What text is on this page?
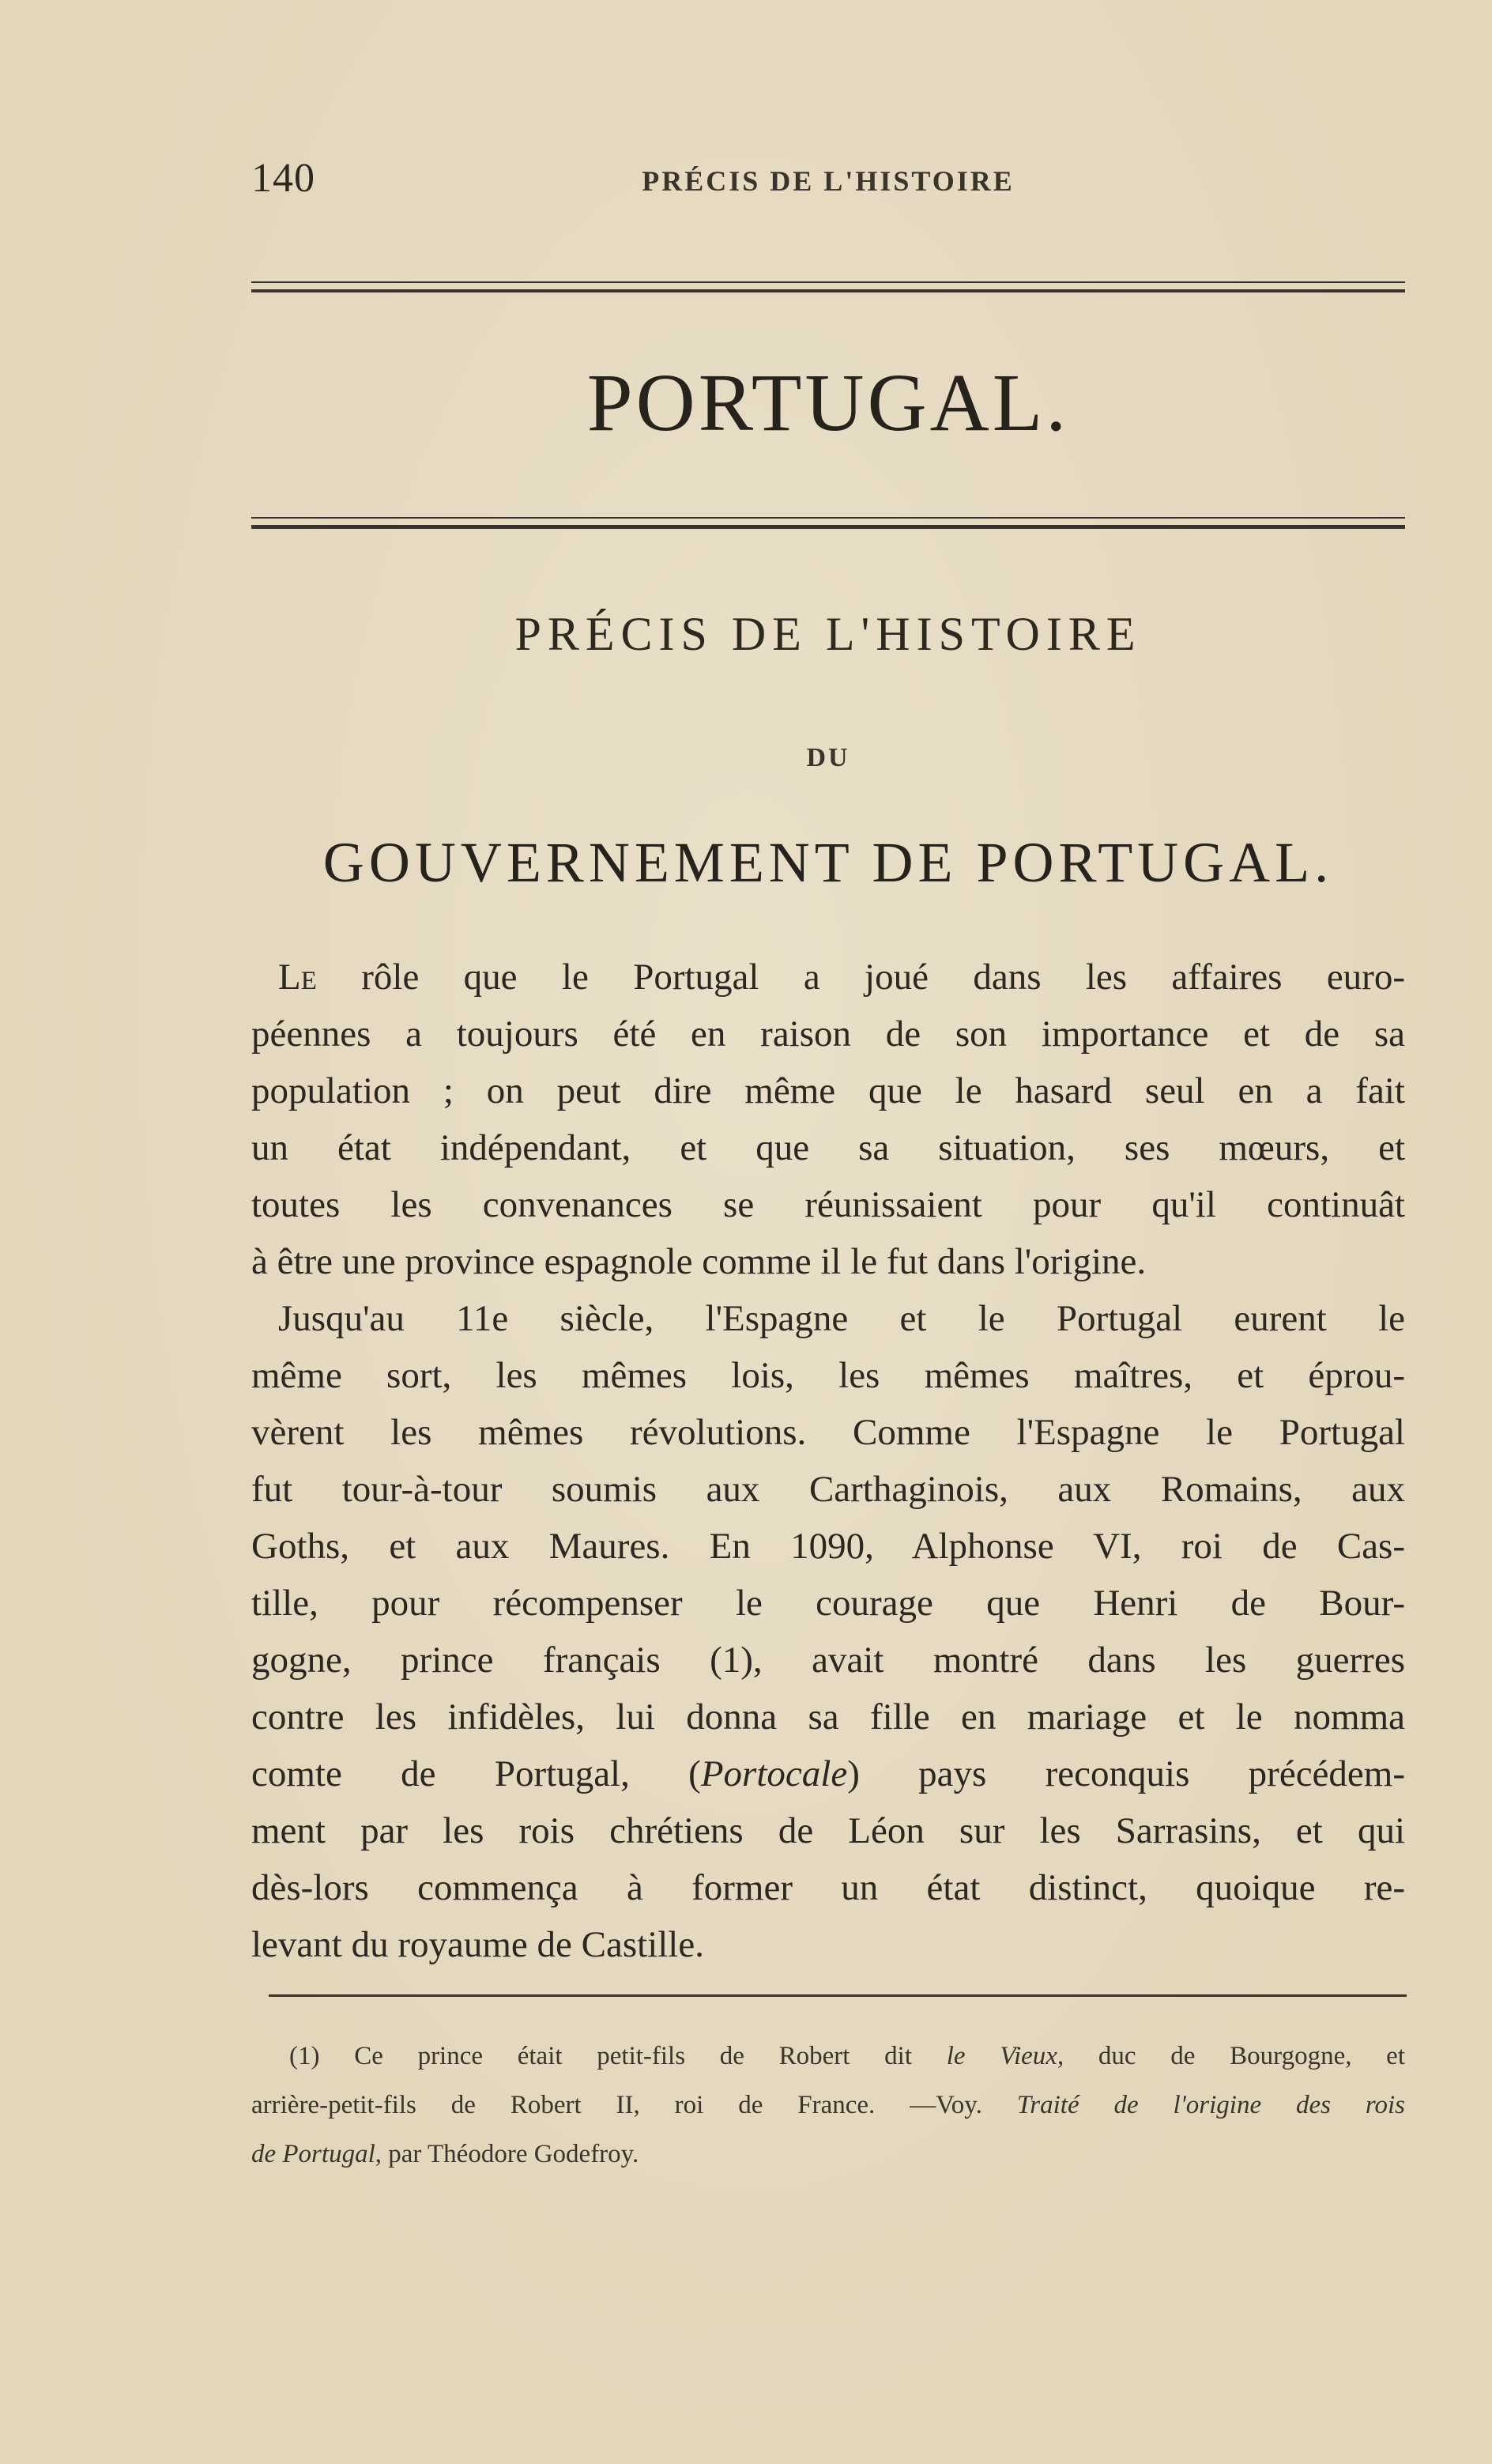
140	PRÉCIS DE L'HISTOIRE
PORTUGAL.
PRÉCIS DE L'HISTOIRE
DU
GOUVERNEMENT DE PORTUGAL.
Le rôle que le Portugal a joué dans les affaires euro-
péennes a toujours été en raison de son importance et de sa
population ; on peut dire même que le hasard seul en a fait
un état indépendant, et que sa situation, ses mœurs, et
toutes les convenances se réunissaient pour qu'il continuât
à être une province espagnole comme il le fut dans l'origine.
Jusqu'au 11e siècle, l'Espagne et le Portugal eurent le
même sort, les mêmes lois, les mêmes maîtres, et éprou-
vèrent les mêmes révolutions. Comme l'Espagne le Portugal
fut tour-à-tour soumis aux Carthaginois, aux Romains, aux
Goths, et aux Maures. En 1090, Alphonse VI, roi de Cas-
tille, pour récompenser le courage que Henri de Bour-
gogne, prince français (1), avait montré dans les guerres
contre les infidèles, lui donna sa fille en mariage et le nomma
comte de Portugal, (Portocale) pays reconquis précédem-
ment par les rois chrétiens de Léon sur les Sarrasins, et qui
dès-lors commença à former un état distinct, quoique re-
levant du royaume de Castille.
(1) Ce prince était petit-fils de Robert dit le Vieux, duc de Bourgogne, et
arrière-petit-fils de Robert II, roi de France. —Voy. Traité de l'origine des rois
de Portugal, par Théodore Godefroy.
